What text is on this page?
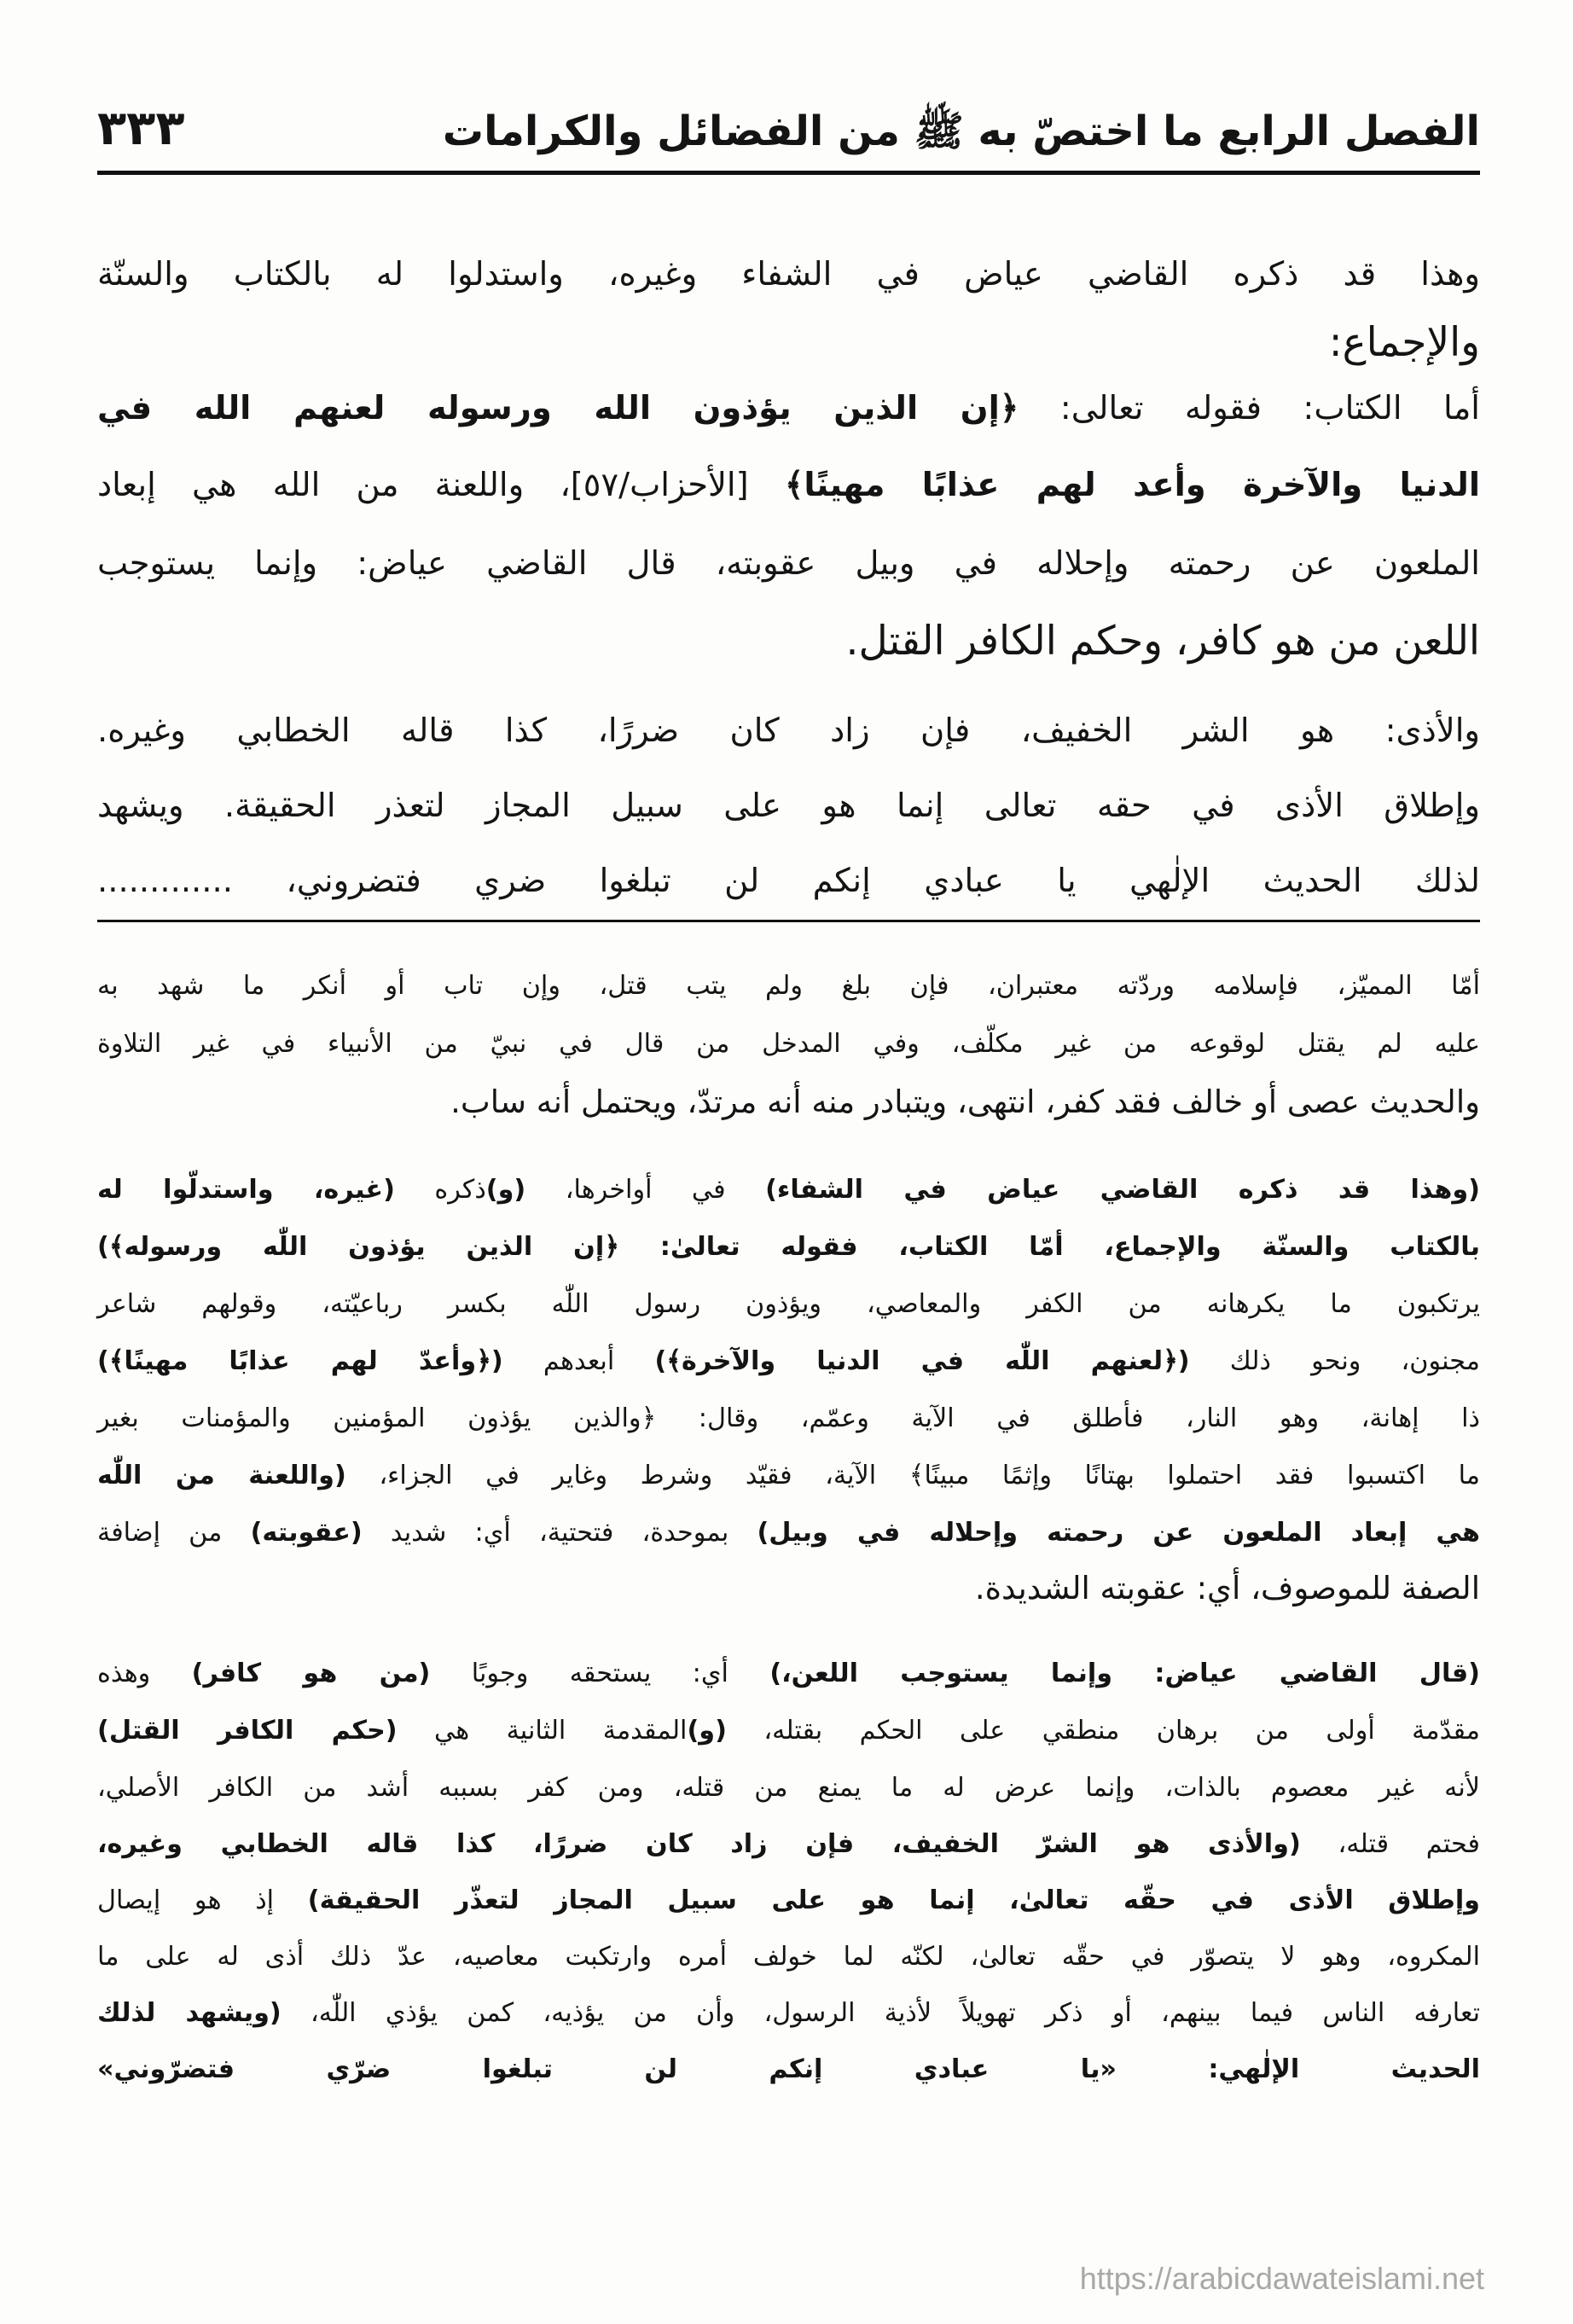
الفصل الرابع ما اختصّ به ﷺ من الفضائل والكرامات
٣٣٣
وهذا قد ذكره القاضي عياض في الشفاء وغيره، واستدلوا له بالكتاب والسنّة
والإجماع:
أما الكتاب: فقوله تعالى: ﴿إن الذين يؤذون الله ورسوله لعنهم الله في
الدنيا والآخرة وأعد لهم عذابًا مهينًا﴾ [الأحزاب/٥٧]، واللعنة من الله هي إبعاد
الملعون عن رحمته وإحلاله في وبيل عقوبته، قال القاضي عياض: وإنما يستوجب
اللعن من هو كافر، وحكم الكافر القتل.
والأذى: هو الشر الخفيف، فإن زاد كان ضررًا، كذا قاله الخطابي وغيره.
وإطلاق الأذى في حقه تعالى إنما هو على سبيل المجاز لتعذر الحقيقة. ويشهد
لذلك الحديث الإلٰهي يا عبادي إنكم لن تبلغوا ضري فتضروني، .............
أمّا المميّز، فإسلامه وردّته معتبران، فإن بلغ ولم يتب قتل، وإن تاب أو أنكر ما شهد به
عليه لم يقتل لوقوعه من غير مكلّف، وفي المدخل من قال في نبيّ من الأنبياء في غير التلاوة
والحديث عصى أو خالف فقد كفر، انتهى، ويتبادر منه أنه مرتدّ، ويحتمل أنه ساب.
(وهذا قد ذكره القاضي عياض في الشفاء) في أواخرها، (و)ذكره (غيره، واستدلّوا له
بالكتاب والسنّة والإجماع، أمّا الكتاب، فقوله تعالىٰ: ﴿إن الذين يؤذون اللّٰه ورسوله﴾)
يرتكبون ما يكرهانه من الكفر والمعاصي، ويؤذون رسول اللّٰه بكسر رباعيّته، وقولهم شاعر
مجنون، ونحو ذلك (﴿لعنهم اللّٰه في الدنيا والآخرة﴾) أبعدهم (﴿وأعدّ لهم عذابًا مهينًا﴾)
ذا إهانة، وهو النار، فأطلق في الآية وعمّم، وقال: ﴿والذين يؤذون المؤمنين والمؤمنات بغير
ما اكتسبوا فقد احتملوا بهتانًا وإثمًا مبينًا﴾ الآية، فقيّد وشرط وغاير في الجزاء، (واللعنة من اللّٰه
هي إبعاد الملعون عن رحمته وإحلاله في وبيل) بموحدة، فتحتية، أي: شديد (عقوبته) من إضافة
الصفة للموصوف، أي: عقوبته الشديدة.
(قال القاضي عياض: وإنما يستوجب اللعن،) أي: يستحقه وجوبًا (من هو كافر) وهذه
مقدّمة أولى من برهان منطقي على الحكم بقتله، (و)المقدمة الثانية هي (حكم الكافر القتل)
لأنه غير معصوم بالذات، وإنما عرض له ما يمنع من قتله، ومن كفر بسببه أشد من الكافر الأصلي،
فحتم قتله، (والأذى هو الشرّ الخفيف، فإن زاد كان ضررًا، كذا قاله الخطابي وغيره،
وإطلاق الأذى في حقّه تعالىٰ، إنما هو على سبيل المجاز لتعذّر الحقيقة) إذ هو إيصال
المكروه، وهو لا يتصوّر في حقّه تعالىٰ، لكنّه لما خولف أمره وارتكبت معاصيه، عدّ ذلك أذى له على ما
تعارفه الناس فيما بينهم، أو ذكر تهويلاً لأذية الرسول، وأن من يؤذيه، كمن يؤذي اللّٰه، (ويشهد لذلك
الحديث الإلٰهي: «يا عبادي إنكم لن تبلغوا ضرّي فتضرّوني»
https://arabicdawateislami.net
